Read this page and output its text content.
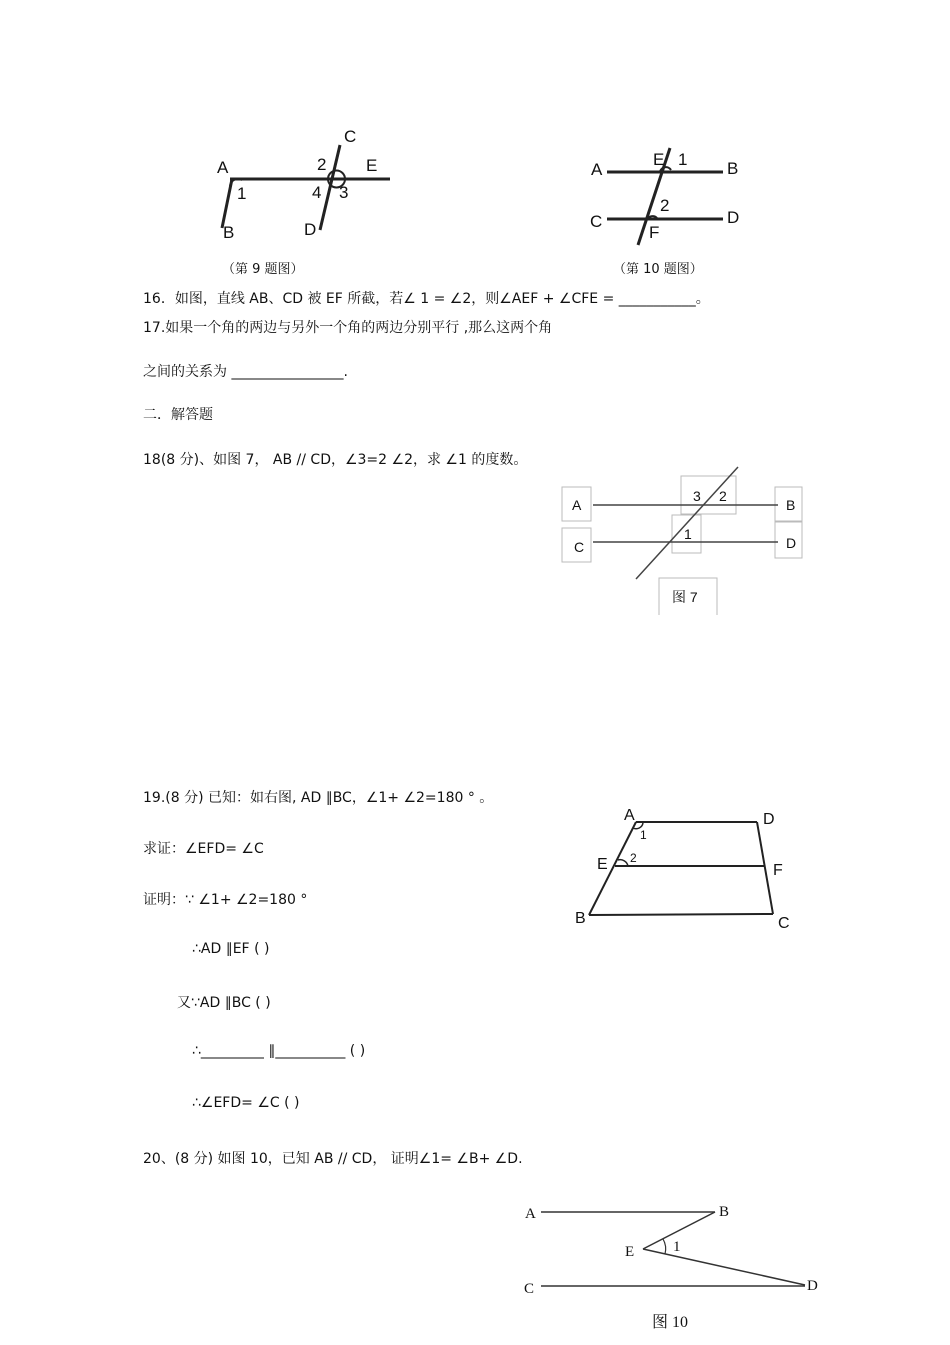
A
B
C
D
E
1
2
3
4
（第 9 题图）
A	B
C	D
E
F
1
2
（第 10 题图）
16．如图，直线 AB、CD 被 EF 所截，若∠ 1 = ∠2，则∠AEF + ∠CFE = ___________。
17.如果一个角的两边与另外一个角的两边分别平行 ,那么这两个角
之间的关系为 ________________.
二．解答题
18(8 分)、如图 7， AB // CD，∠3=2 ∠2，求 ∠1 的度数。
A
C
B
D
3 2
1
图 7
19.(8 分) 已知：如右图, AD ∥BC，∠1+ ∠2=180 ° 。
求证：∠EFD= ∠C
证明：∵ ∠1+ ∠2=180 °
∴AD ∥EF ( )
又∵AD ∥BC ( )
∴_________ ∥__________ ( )
∴∠EFD= ∠C ( )
A	D
E	F
B	C
1
2
20、(8 分) 如图 10，已知 AB // CD， 证明∠1= ∠B+ ∠D.
A	B
E	1
C	D
图 10
